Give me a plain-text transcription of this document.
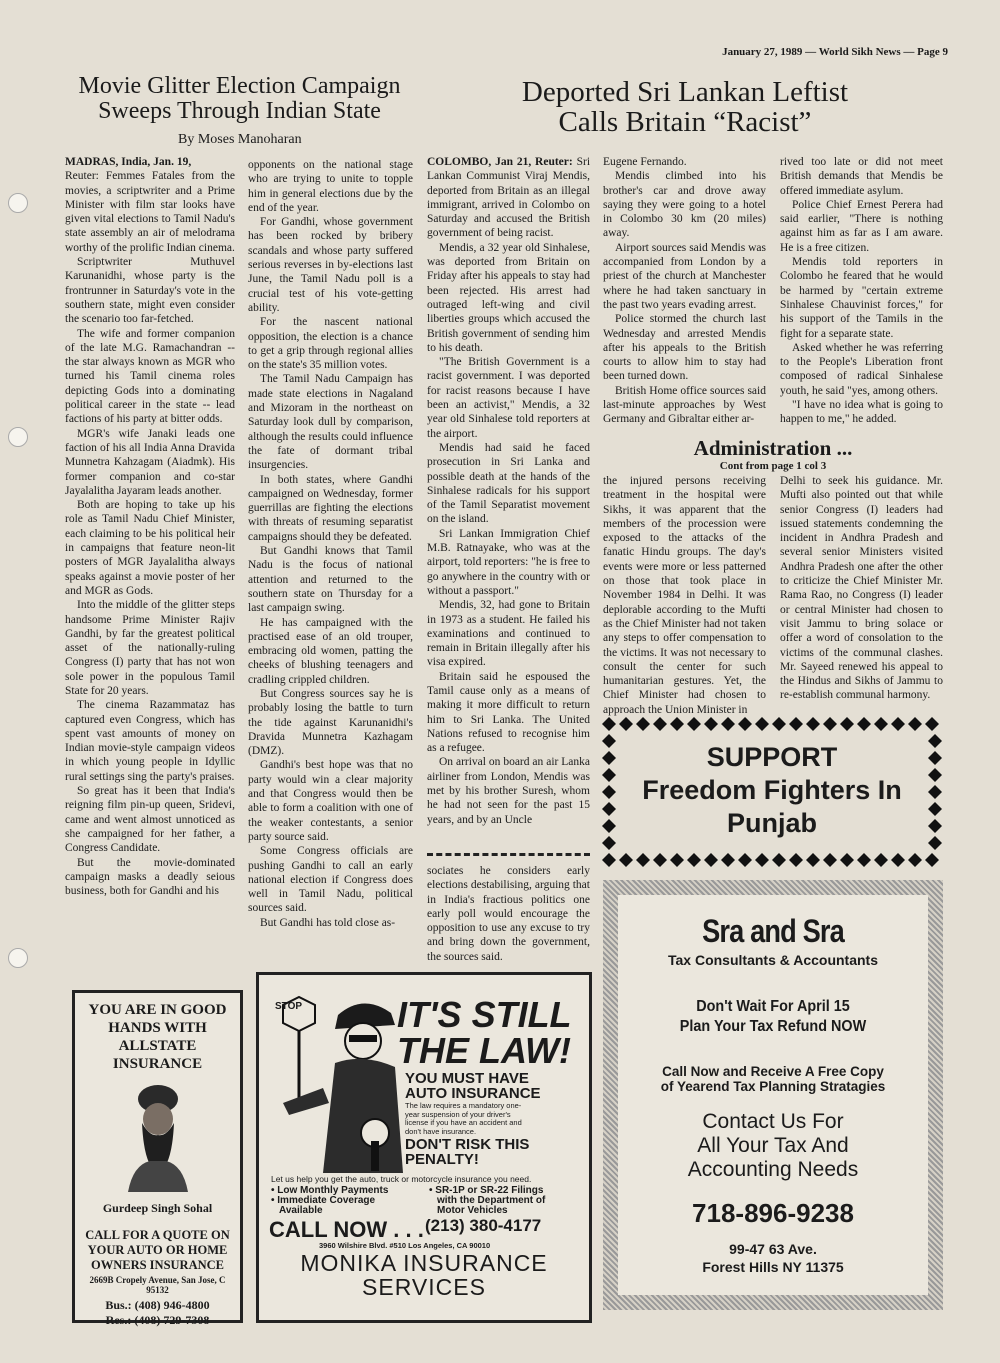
January 27, 1989 — World Sikh News — Page 9
Movie Glitter Election Campaign
Sweeps Through Indian State
By Moses Manoharan
MADRAS, India, Jan. 19,

Reuter: Femmes Fatales from the movies, a scriptwriter and a Prime Minister with film star looks have given vital elections to Tamil Nadu's state assembly an air of melodrama worthy of the prolific Indian cinema.

Scriptwriter Muthuvel Karunanidhi, whose party is the frontrunner in Saturday's vote in the southern state, might even consider the scenario too far-fetched.

The wife and former companion of the late M.G. Ramachandran -- the star always known as MGR who turned his Tamil cinema roles depicting Gods into a dominating political career in the state -- lead factions of his party at bitter odds.

MGR's wife Janaki leads one faction of his all India Anna Dravida Munnetra Kahzagam (Aiadmk). His former companion and co-star Jayalalitha Jayaram leads another.

Both are hoping to take up his role as Tamil Nadu Chief Minister, each claiming to be his political heir in campaigns that feature neon-lit posters of MGR Jayalalitha always speaks against a movie poster of her and MGR as Gods.

Into the middle of the glitter steps handsome Prime Minister Rajiv Gandhi, by far the greatest political asset of the nationally-ruling Congress (I) party that has not won sole power in the populous Tamil State for 20 years.

The cinema Razammataz has captured even Congress, which has spent vast amounts of money on Indian movie-style campaign videos in which young people in Idyllic rural settings sing the party's praises.

So great has it been that India's reigning film pin-up queen, Sridevi, came and went almost unnoticed as she campaigned for her father, a Congress Candidate.

But the movie-dominated campaign masks a deadly seious business, both for Gandhi and his

opponents on the national stage who are trying to unite to topple him in general elections due by the end of the year.

For Gandhi, whose government has been rocked by bribery scandals and whose party suffered serious reverses in by-elections last June, the Tamil Nadu poll is a crucial test of his vote-getting ability.

For the nascent national opposition, the election is a chance to get a grip through regional allies on the state's 35 million votes.

The Tamil Nadu Campaign has made state elections in Nagaland and Mizoram in the northeast on Saturday look dull by comparison, although the results could influence the fate of dormant tribal insurgencies.

In both states, where Gandhi campaigned on Wednesday, former guerrillas are fighting the elections with threats of resuming separatist campaigns should they be defeated.

But Gandhi knows that Tamil Nadu is the focus of national attention and returned to the southern state on Thursday for a last campaign swing.

He has campaigned with the practised ease of an old trouper, embracing old women, patting the cheeks of blushing teenagers and cradling crippled children.

But Congress sources say he is probably losing the battle to turn the tide against Karunanidhi's Dravida Munnetra Kazhagam (DMZ).

Gandhi's best hope was that no party would win a clear majority and that Congress would then be able to form a coalition with one of the weaker contestants, a senior party source said.

Some Congress officials are pushing Gandhi to call an early national election if Congress does well in Tamil Nadu, political sources said.

But Gandhi has told close as-

Deported Sri Lankan Leftist
Calls Britain “Racist”

COLOMBO, Jan 21, Reuter: Sri Lankan Communist Viraj Mendis, deported from Britain as an illegal immigrant, arrived in Colombo on Saturday and accused the British government of being racist.

Mendis, a 32 year old Sinhalese, was deported from Britain on Friday after his appeals to stay had been rejected. His arrest had outraged left-wing and civil liberties groups which accused the British government of sending him to his death.

"The British Government is a racist government. I was deported for racist reasons because I have been an activist," Mendis, a 32 year old Sinhalese told reporters at the airport.

Mendis had said he faced prosecution in Sri Lanka and possible death at the hands of the Sinhalese radicals for his support of the Tamil Separatist movement on the island.

Sri Lankan Immigration Chief M.B. Ratnayake, who was at the airport, told reporters: "he is free to go anywhere in the country with or without a passport."

Mendis, 32, had gone to Britain in 1973 as a student. He failed his examinations and continued to remain in Britain illegally after his visa expired.

Britain said he espoused the Tamil cause only as a means of making it more difficult to return him to Sri Lanka. The United Nations refused to recognise him as a refugee.

On arrival on board an air Lanka airliner from London, Mendis was met by his brother Suresh, whom he had not seen for the past 15 years, and by an Uncle

sociates he considers early elections destabilising, arguing that in India's fractious politics one early poll would encourage the opposition to use any excuse to try and bring down the government, the sources said.

Eugene Fernando.

Mendis climbed into his brother's car and drove away saying they were going to a hotel in Colombo 30 km (20 miles) away.

Airport sources said Mendis was accompanied from London by a priest of the church at Manchester where he had taken sanctuary in the past two years evading arrest.

Police stormed the church last Wednesday and arrested Mendis after his appeals to the British courts to allow him to stay had been turned down.

British Home office sources said last-minute approaches by West Germany and Gibraltar either ar-

rived too late or did not meet British demands that Mendis be offered immediate asylum.

Police Chief Ernest Perera had said earlier, "There is nothing against him as far as I am aware. He is a free citizen.

Mendis told reporters in Colombo he feared that he would be harmed by "certain extreme Sinhalese Chauvinist forces," for his support of the Tamils in the fight for a separate state.

Asked whether he was referring to the People's Liberation front composed of radical Sinhalese youth, he said "yes, among others.

"I have no idea what is going to happen to me," he added.

Administration ...
Cont from page 1 col 3

the injured persons receiving treatment in the hospital were Sikhs, it was apparent that the members of the procession were exposed to the attacks of the fanatic Hindu groups. The day's events were more or less patterned on those that took place in November 1984 in Delhi. It was deplorable according to the Mufti as the Chief Minister had not taken any steps to offer compensation to the victims. It was not necessary to consult the center for such humanitarian gestures. Yet, the Chief Minister had chosen to approach the Union Minister in

Delhi to seek his guidance. Mr. Mufti also pointed out that while senior Congress (I) leaders had issued statements condemning the incident in Andhra Pradesh and several senior Ministers visited Andhra Pradesh one after the other to criticize the Chief Minister Mr. Rama Rao, no Congress (I) leader or central Minister had chosen to visit Jammu to bring solace or offer a word of consolation to the victims of the communal clashes. Mr. Sayeed renewed his appeal to the Hindus and Sikhs of Jammu to re-establish communal harmony.

SUPPORT
Freedom Fighters In
Punjab
Sra and Sra
Tax Consultants & Accountants
Don't Wait For April 15
Plan Your Tax Refund NOW
Call Now and Receive A Free Copy
of Yearend Tax Planning Stratagies
Contact Us For
All Your Tax And
Accounting Needs
718-896-9238
99-47 63 Ave.
Forest Hills NY 11375
YOU ARE IN GOOD
HANDS WITH
ALLSTATE
INSURANCE
Gurdeep Singh Sohal
CALL FOR A QUOTE ON
YOUR AUTO OR HOME
OWNERS INSURANCE
2669B Cropely Avenue, San Jose, C
95132
Bus.: (408) 946-4800
Res.: (408) 729-7308
STOP	IT'S STILL
THE LAW!
YOU MUST HAVE
AUTO INSURANCE
The law requires a mandatory one-year suspension of your driver's license if you have an accident and don't have insurance.
DON'T RISK THIS
PENALTY!
Let us help you get the auto, truck or motorcycle insurance you need.
• Low Monthly Payments
• Immediate Coverage
Available
• SR-1P or SR-22 Filings
with the Department of
Motor Vehicles
CALL NOW . . . (213) 380-4177
3960 Wilshire Blvd. #510 Los Angeles, CA 90010
MONIKA INSURANCE
SERVICES
